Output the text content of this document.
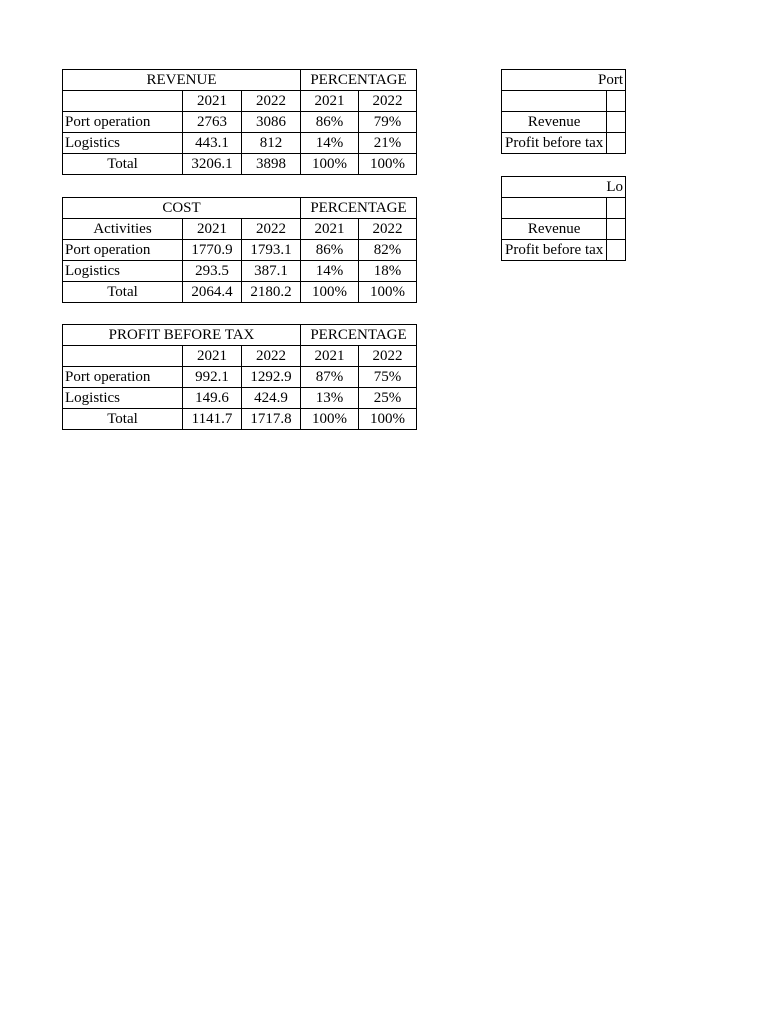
REVENUE			PERCENTAGE	
	2021	2022	2021	2022
Port operation	2763	3086	86%	79%
Logistics	443.1	812	14%	21%
Total	3206.1	3898	100%	100%
COST			PERCENTAGE	
Activities	2021	2022	2021	2022
Port operation	1770.9	1793.1	86%	82%
Logistics	293.5	387.1	14%	18%
Total	2064.4	2180.2	100%	100%
PROFIT BEFORE TAX			PERCENTAGE	
	2021	2022	2021	2022
Port operation	992.1	1292.9	87%	75%
Logistics	149.6	424.9	13%	25%
Total	1141.7	1717.8	100%	100%
Port	

Revenue	
Profit before tax	
Lo	

Revenue	
Profit before tax	
